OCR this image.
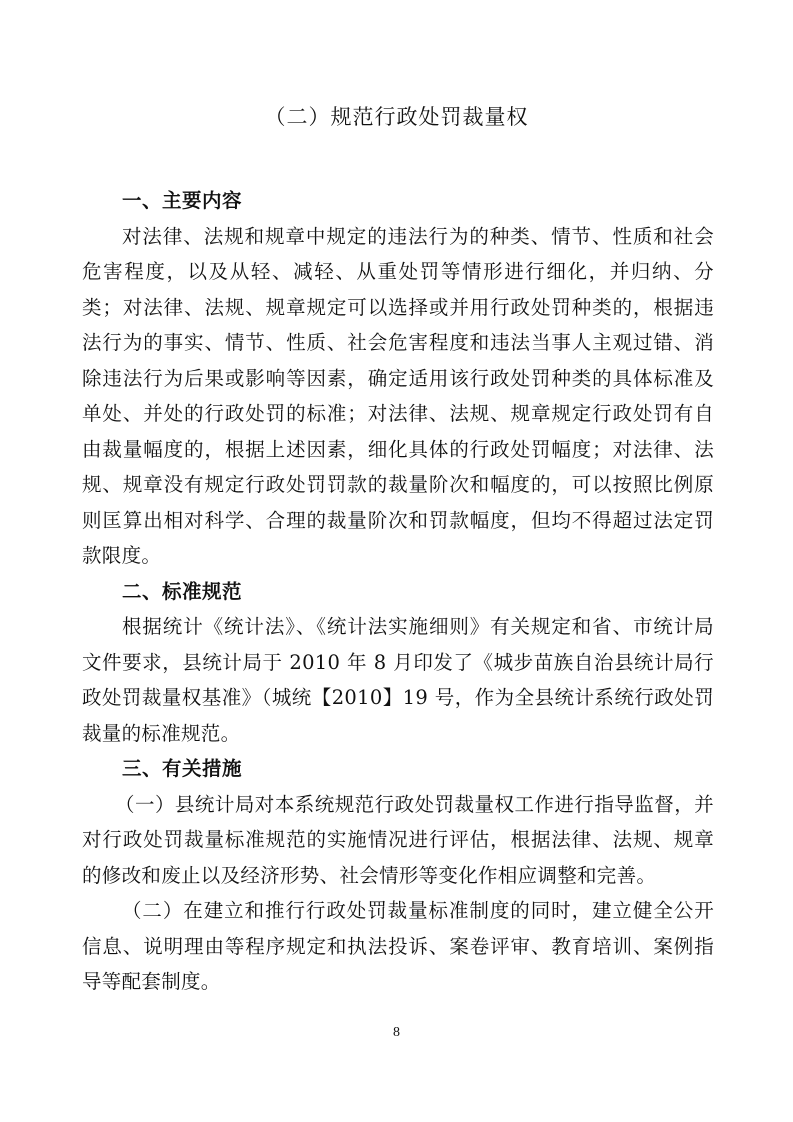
（二）规范行政处罚裁量权

一、主要内容

对法律、法规和规章中规定的违法行为的种类、情节、性质和社会危害程度，以及从轻、减轻、从重处罚等情形进行细化，并归纳、分类；对法律、法规、规章规定可以选择或并用行政处罚种类的，根据违法行为的事实、情节、性质、社会危害程度和违法当事人主观过错、消除违法行为后果或影响等因素，确定适用该行政处罚种类的具体标准及单处、并处的行政处罚的标准；对法律、法规、规章规定行政处罚有自由裁量幅度的，根据上述因素，细化具体的行政处罚幅度；对法律、法规、规章没有规定行政处罚罚款的裁量阶次和幅度的，可以按照比例原则匡算出相对科学、合理的裁量阶次和罚款幅度，但均不得超过法定罚款限度。

二、标准规范

根据统计《统计法》、《统计法实施细则》有关规定和省、市统计局文件要求，县统计局于 2010 年 8 月印发了《城步苗族自治县统计局行政处罚裁量权基准》（城统【2010】19 号，作为全县统计系统行政处罚裁量的标准规范。

三、有关措施

（一）县统计局对本系统规范行政处罚裁量权工作进行指导监督，并对行政处罚裁量标准规范的实施情况进行评估，根据法律、法规、规章的修改和废止以及经济形势、社会情形等变化作相应调整和完善。

（二）在建立和推行行政处罚裁量标准制度的同时，建立健全公开信息、说明理由等程序规定和执法投诉、案卷评审、教育培训、案例指导等配套制度。

8
